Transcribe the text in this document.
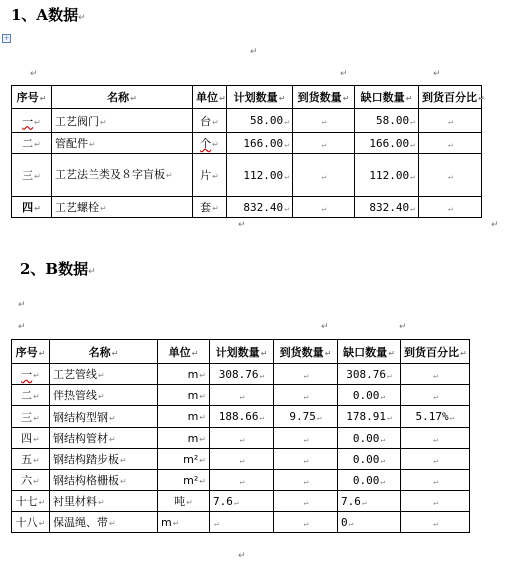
1、A数据↵
+
↵
↵	↵	↵
序号↵	名称↵	单位↵	计划数量↵	到货数量↵	缺口数量↵	到货百分比↵
一↵	工艺阀门↵	台↵	58.00↵	↵	58.00↵	↵
二↵	管配件↵	个↵	166.00↵	↵	166.00↵	↵
三↵	工艺法兰类及８字盲板↵	片↵	112.00↵	↵	112.00↵	↵
四↵	工艺螺栓↵	套↵	832.40↵	↵	832.40↵	↵
↵	↵
2、B数据↵
↵
↵	↵	↵
序号↵	名称↵	单位↵	计划数量↵	到货数量↵	缺口数量↵	到货百分比↵
一↵	工艺管线↵	m↵	308.76↵	↵	308.76↵	↵
二↵	伴热管线↵	m↵	↵	↵	0.00↵	↵
三↵	钢结构型钢↵	m↵	188.66↵	9.75↵	178.91↵	5.17%↵
四↵	钢结构管材↵	m↵	↵	↵	0.00↵	↵
五↵	钢结构踏步板↵	m²↵	↵	↵	0.00↵	↵
六↵	钢结构格栅板↵	m²↵	↵	↵	0.00↵	↵
十七↵	衬里材料↵	吨↵	7.6↵	↵	7.6↵	↵
十八↵	保温绳、带↵	m↵	↵	↵	0↵	↵
↵
